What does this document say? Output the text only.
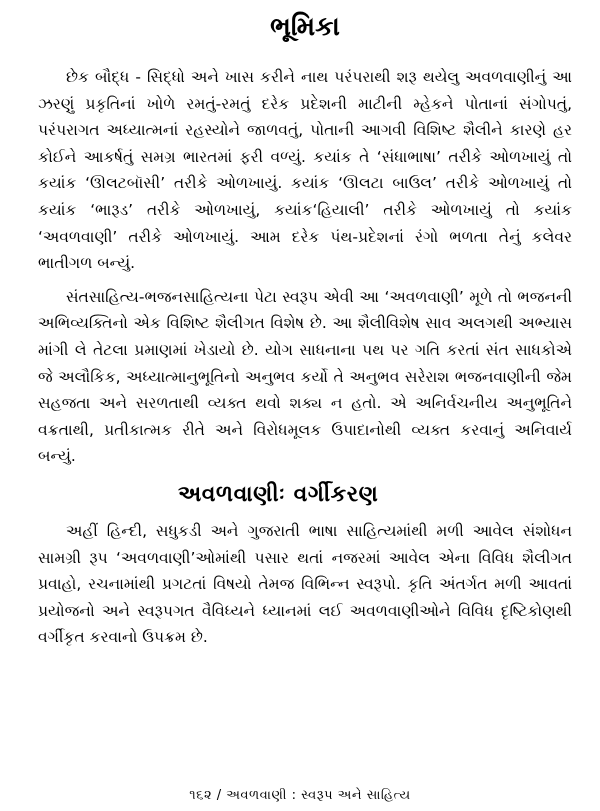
ભૂમિકા

છેક બૌદ્ધ - સિદ્ધો અને ખાસ કરીને નાથ પરંપરાથી શરૂ થયેલુ અવળવાણીનું આ ઝરણું પ્રકૃતિનાં ખોળે રમતું-રમતું દરેક પ્રદેશની માટીની મ્હેકને પોતાનાં સંગોપતું, પરંપરાગત અધ્યાત્મનાં રહસ્યોને જાળવતું, પોતાની આગવી વિશિષ્ટ શૈલીને કારણે હર કોઈને આકર્ષતું સમગ્ર ભારતમાં ફરી વળ્યું. કયાંક તે ‘સંધાભાષા’ તરીકે ઓળખાયું તો કયાંક ‘ઊલટબૉસી’ તરીકે ઓળખાયું. કયાંક ‘ઊલટા બાઉલ’ તરીકે ઓળખાયું તો કયાંક ‘ભારૂડ’ તરીકે ઓળખાયું, કયાંક‘હિયાલી’ તરીકે ઓળખાયું તો કયાંક ‘અવળવાણી’ તરીકે ઓળખાયું. આમ દરેક પંથ-પ્રદેશનાં રંગો ભળતા તેનું કલેવર ભાતીગળ બન્યું.

સંતસાહિત્ય-ભજનસાહિત્યના પેટા સ્વરૂપ એવી આ ‘અવળવાણી’ મૂળે તો ભજનની અભિવ્યક્તિનો એક વિશિષ્ટ શૈલીગત વિશેષ છે. આ શૈલીવિશેષ સાવ અલગથી અભ્યાસ માંગી લે તેટલા પ્રમાણમાં ખેડાયો છે. યોગ સાધનાના પથ પર ગતિ કરતાં સંત સાધકોએ જે અલૌકિક, અધ્યાત્માનુભૂતિનો અનુભવ કર્યો તે અનુભવ સરેરાશ ભજનવાણીની જેમ સહજતા અને સરળતાથી વ્યક્ત થવો શક્ય ન હતો. એ અનિર્વચનીય અનુભૂતિને વક્રતાથી, પ્રતીકાત્મક રીતે અને વિરોધમૂલક ઉપાદાનોથી વ્યક્ત કરવાનું અનિવાર્ય બન્યું.

અવળવાણીઃ વર્ગીકરણ

અહીં હિન્દી, સધુકડી અને ગુજરાતી ભાષા સાહિત્યમાંથી મળી આવેલ સંશોધન સામગ્રી રૂપ ‘અવળવાણી’ઓમાંથી પસાર થતાં નજરમાં આવેલ એના વિવિધ શૈલીગત પ્રવાહો, રચનામાંથી પ્રગટતાં વિષયો તેમજ વિભિન્ન સ્વરૂપો. કૃતિ અંતર્ગત મળી આવતાં પ્રયોજનો અને સ્વરૂપગત વૈવિધ્યને ધ્યાનમાં લઈ અવળવાણીઓને વિવિધ દૃષ્ટિકોણથી વર્ગીકૃત કરવાનો ઉપક્રમ છે.

૧૬૨ / અવળવાણી : સ્વરૂપ અને સાહિત્ય
